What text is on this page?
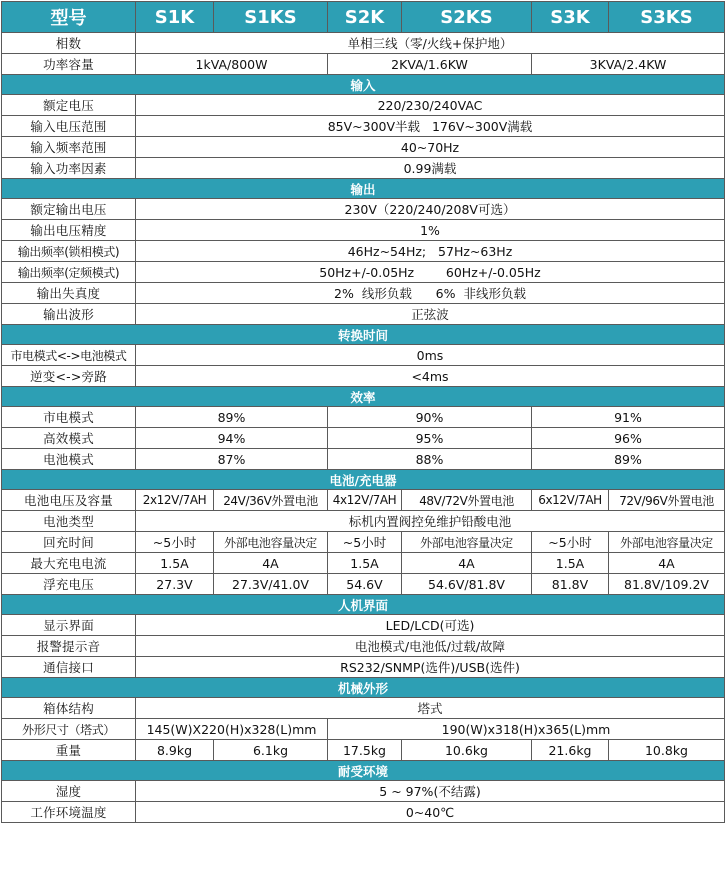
型号	S1K	S1KS	S2K	S2KS	S3K	S3KS
相数	单相三线（零/火线+保护地）					
功率容量	1kVA/800W		2KVA/1.6KW		3KVA/2.4KW	
输入						
额定电压	220/230/240VAC					
输入电压范围	85V~300V半载   176V~300V满载					
输入频率范围	40~70Hz					
输入功率因素	0.99满载					
输出						
额定输出电压	230V（220/240/208V可选）					
输出电压精度	1%					
输出频率(锁相模式)	46Hz~54Hz;   57Hz~63Hz					
输出频率(定频模式)	50Hz+/-0.05Hz        60Hz+/-0.05Hz					
输出失真度	2%  线形负载      6%  非线形负载					
输出波形	正弦波					
转换时间						
市电模式<->电池模式	0ms					
逆变<->旁路	<4ms					
效率						
市电模式	89%		90%		91%	
高效模式	94%		95%		96%	
电池模式	87%		88%		89%	
电池/充电器						
电池电压及容量	2x12V/7AH	24V/36V外置电池	4x12V/7AH	48V/72V外置电池	6x12V/7AH	72V/96V外置电池
电池类型	标机内置阀控免维护铅酸电池					
回充时间	~5小时	外部电池容量决定	~5小时	外部电池容量决定	~5小时	外部电池容量决定
最大充电电流	1.5A	4A	1.5A	4A	1.5A	4A
浮充电压	27.3V	27.3V/41.0V	54.6V	54.6V/81.8V	81.8V	81.8V/109.2V
人机界面						
显示界面	LED/LCD(可选)					
报警提示音	电池模式/电池低/过载/故障					
通信接口	RS232/SNMP(选件)/USB(选件)					
机械外形						
箱体结构	塔式					
外形尺寸（塔式）	145(W)X220(H)x328(L)mm		190(W)x318(H)x365(L)mm			
重量	8.9kg	6.1kg	17.5kg	10.6kg	21.6kg	10.8kg
耐受环境						
湿度	5 ~ 97%(不结露)					
工作环境温度	0~40℃					
